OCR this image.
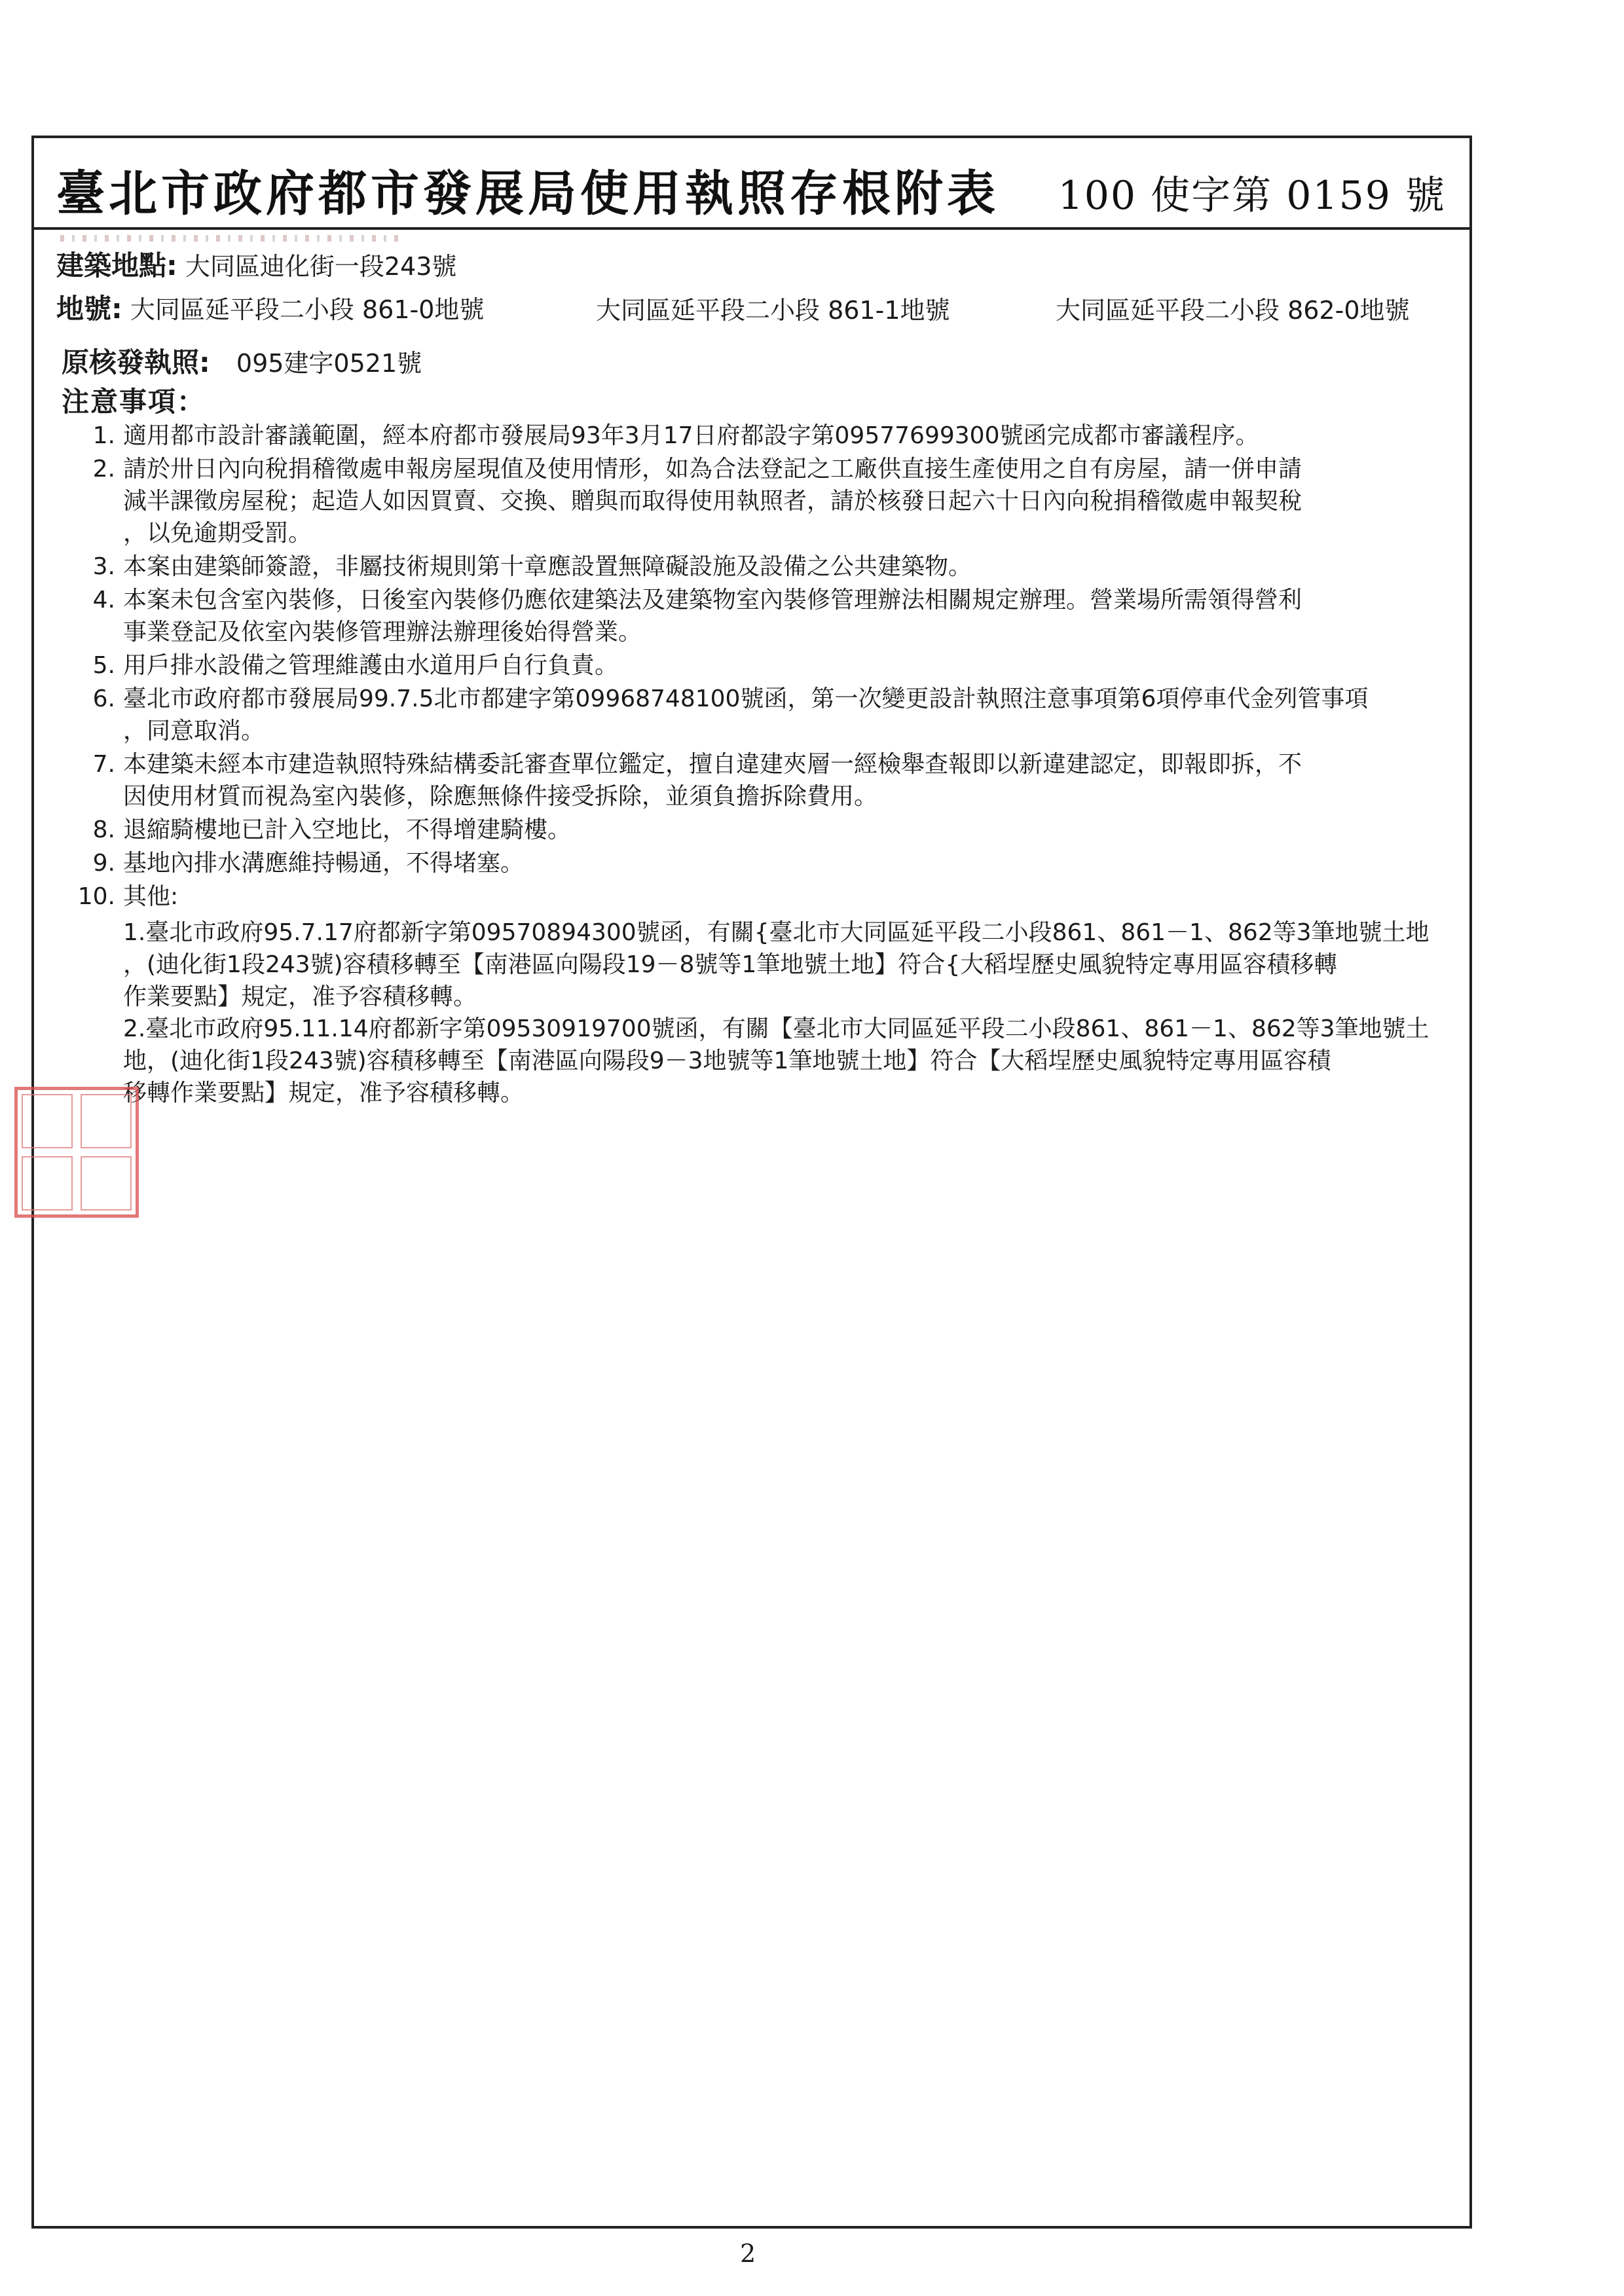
臺北市政府都市發展局使用執照存根附表 100 使字第 0159 號
建築地點: 大同區迪化街一段243號
地號: 大同區延平段二小段 861-0地號	大同區延平段二小段 861-1地號	大同區延平段二小段 862-0地號
原核發執照: 095建字0521號
注意事項：
1. 適用都市設計審議範圍，經本府都市發展局93年3月17日府都設字第09577699300號函完成都市審議程序。
2. 請於卅日內向稅捐稽徵處申報房屋現值及使用情形，如為合法登記之工廠供直接生產使用之自有房屋，請一併申請
減半課徵房屋稅；起造人如因買賣、交換、贈與而取得使用執照者，請於核發日起六十日內向稅捐稽徵處申報契稅
，以免逾期受罰。
3. 本案由建築師簽證，非屬技術規則第十章應設置無障礙設施及設備之公共建築物。
4. 本案未包含室內裝修，日後室內裝修仍應依建築法及建築物室內裝修管理辦法相關規定辦理。營業場所需領得營利
事業登記及依室內裝修管理辦法辦理後始得營業。
5. 用戶排水設備之管理維護由水道用戶自行負責。
6. 臺北市政府都市發展局99.7.5北市都建字第09968748100號函，第一次變更設計執照注意事項第6項停車代金列管事項
，同意取消。
7. 本建築未經本市建造執照特殊結構委託審查單位鑑定，擅自違建夾層一經檢舉查報即以新違建認定，即報即拆，不
因使用材質而視為室內裝修，除應無條件接受拆除，並須負擔拆除費用。
8. 退縮騎樓地已計入空地比，不得增建騎樓。
9. 基地內排水溝應維持暢通，不得堵塞。
10. 其他:
1.臺北市政府95.7.17府都新字第09570894300號函，有關{臺北市大同區延平段二小段861、861－1、862等3筆地號土地
，(迪化街1段243號)容積移轉至【南港區向陽段19－8號等1筆地號土地】符合{大稻埕歷史風貌特定專用區容積移轉
作業要點】規定，准予容積移轉。
2.臺北市政府95.11.14府都新字第09530919700號函，有關【臺北市大同區延平段二小段861、861－1、862等3筆地號土
地，(迪化街1段243號)容積移轉至【南港區向陽段9－3地號等1筆地號土地】符合【大稻埕歷史風貌特定專用區容積
移轉作業要點】規定，准予容積移轉。
2
